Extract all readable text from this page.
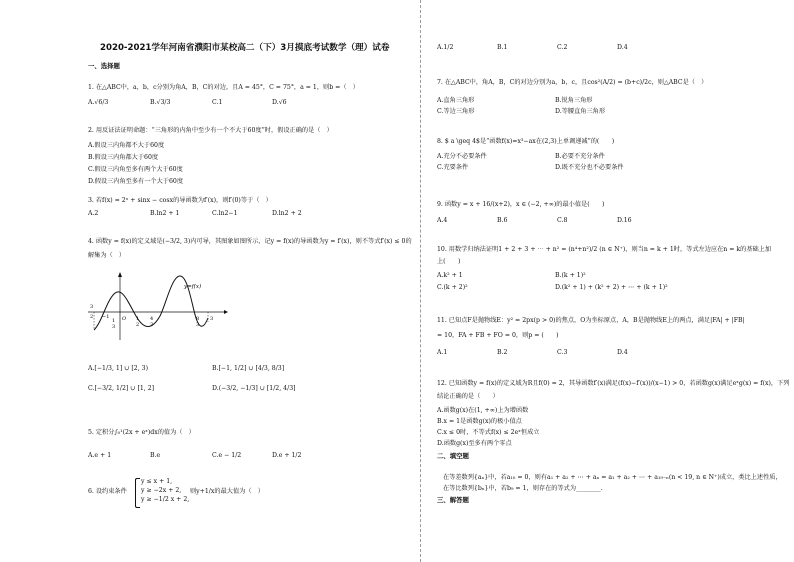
2020-2021学年河南省濮阳市某校高二（下）3月摸底考试数学（理）试卷
一、选择题
1. 在△ABC中，a，b，c分别为角A，B，C的对边，且A = 45°，C = 75°，a = 1，则b =（　）
A.√6/3	B.√3/3	C.1	D.√6
2. 用反证法证明命题：“三角形的内角中至少有一个不大于60度”时，假设正确的是（　）
A.假设三内角都不大于60度
B.假设三内角都大于60度
C.假设三内角至多有两个大于60度
D.假设三内角至多有一个大于60度
3. 若f(x) = 2ˣ + sinx − cosx的导函数为f′(x)，则f′(0)等于（　）
A.2	B.ln2 + 1	C.ln2−1	D.ln2 + 2
4. 函数y = f(x)的定义域是(−3/2, 3)内可导，其图象如图所示，记y = f(x)的导函数为y = f′(x)，则不等式f′(x) ≤ 0的
解集为（　）
y=f(x)
3
2 −1
1
3
O 1
2
4
3
8
3
3
A.[−1/3, 1] ∪ [2, 3)	B.[−1, 1/2] ∪ [4/3, 8/3]
C.[−3/2, 1/2] ∪ [1, 2]	D.(−3/2, −1/3] ∪ [1/2, 4/3]
5. 定积分∫₀¹(2x + eˣ)dx的值为（　）
A.e + 1	B.e	C.e − 1/2	D.e + 1/2
6. 设约束条件
y ≤ x + 1,
y ≥ −2x + 2,
y ≥ −1/2 x + 2,
则y+1/x的最大值为（　）
A.1/2	B.1	C.2	D.4
7. 在△ABC中，角A，B，C的对边分别为a，b，c，且cos²(A/2) = (b+c)/2c，则△ABC是（　）
A.直角三角形	B.锐角三角形
C.等边三角形	D.等腰直角三角形
8. $ a \geq 4$是“函数f(x)=x³−ax在(2,3)上单调递减”的(　　)
A.充分不必要条件	B.必要不充分条件
C.充要条件	D.既不充分也不必要条件
9. 函数y = x + 16/(x+2)，x ∈ (−2, +∞)的最小值是(　　)
A.4	B.6	C.8	D.16
10. 用数学归纳法证明1 + 2 + 3 + ⋯ + n² = (n⁴+n²)/2 (n ∈ N⁺)，则当n = k + 1时，等式左边应在n = k的基础上加
上(　　)
A.k² + 1	B.(k + 1)²
C.(k + 2)²	D.(k² + 1) + (k² + 2) + ⋯ + (k + 1)²
11. 已知点F是抛物线E：y² = 2px(p > 0)的焦点，O为坐标原点，A，B是抛物线E上的两点，满足|FA| + |FB|
= 10，FA + FB + FO = 0，则p = (　　)
A.1	B.2	C.3	D.4
12. 已知函数y = f(x)的定义域为R且f(0) = 2，其导函数f′(x)满足(f(x)−f′(x))/(x−1) > 0，若函数g(x)满足eˣg(x) = f(x)，下列
结论正确的是（　　）
A.函数g(x)在(1, +∞)上为增函数
B.x = 1是函数g(x)的极小值点
C.x ≤ 0时，不等式f(x) ≤ 2eˣ恒成立
D.函数g(x)至多有两个零点
二、填空题
在等差数列{aₙ}中，若a₁₀ = 0，则有a₁ + a₂ + ⋯ + aₙ = a₁ + a₂ + ⋯ + a₁₉₋ₙ(n < 19, n ∈ N⁺)成立，类比上述性质，
在等比数列{bₙ}中，若b₉ = 1，则存在的等式为________.
三、解答题
